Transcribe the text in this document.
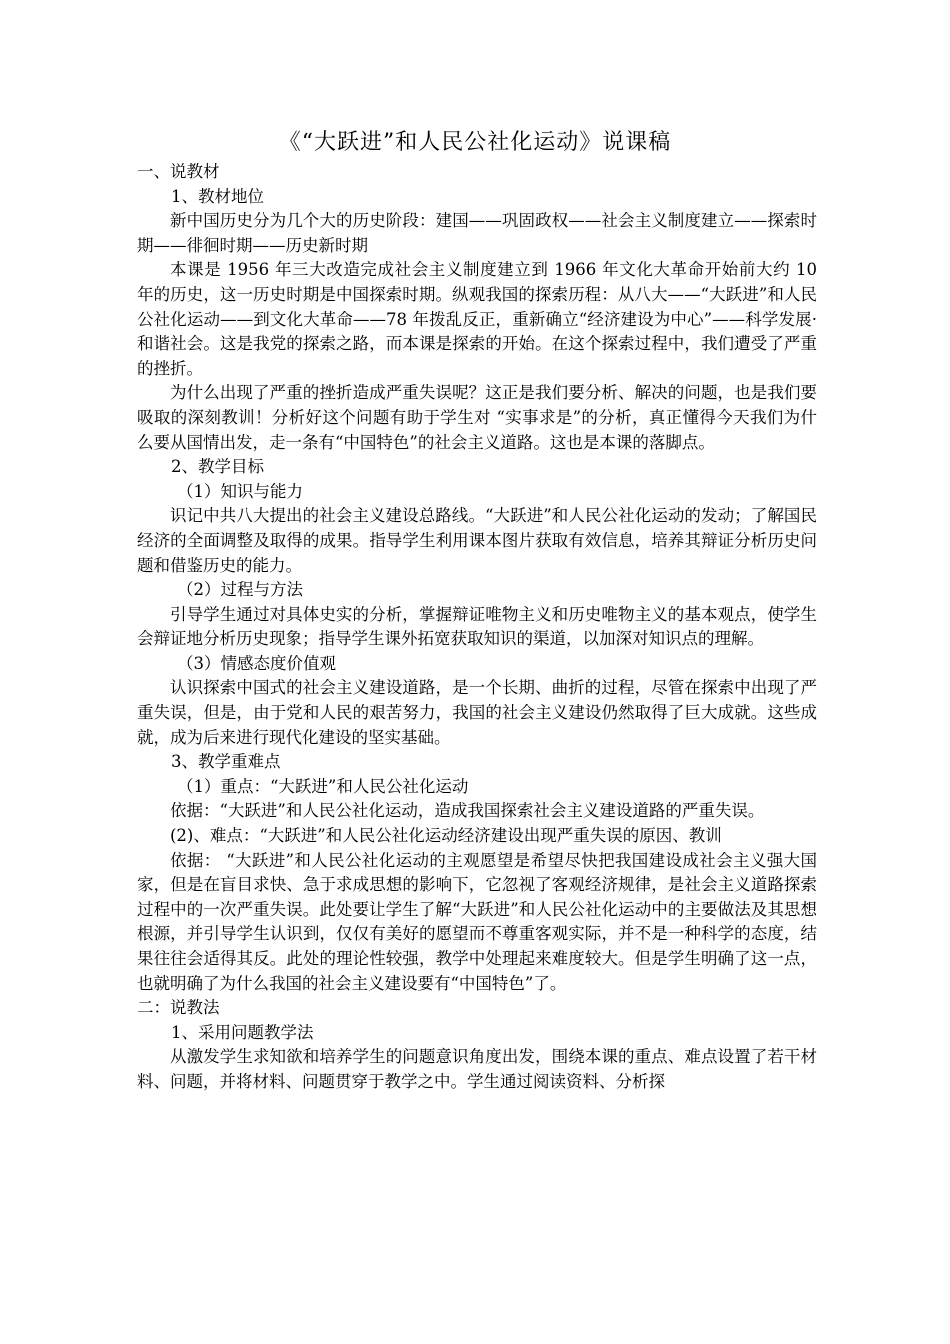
《“大跃进”和人民公社化运动》说课稿

一、说教材

1、教材地位

新中国历史分为几个大的历史阶段：建国——巩固政权——社会主义制度建立——探索时期——徘徊时期——历史新时期

本课是 1956 年三大改造完成社会主义制度建立到 1966 年文化大革命开始前大约 10 年的历史，这一历史时期是中国探索时期。纵观我国的探索历程：从八大——“大跃进”和人民公社化运动——到文化大革命——78 年拨乱反正，重新确立“经济建设为中心”——科学发展·和谐社会。这是我党的探索之路，而本课是探索的开始。在这个探索过程中，我们遭受了严重的挫折。

为什么出现了严重的挫折造成严重失误呢？这正是我们要分析、解决的问题，也是我们要吸取的深刻教训！分析好这个问题有助于学生对 “实事求是”的分析，真正懂得今天我们为什么要从国情出发，走一条有“中国特色”的社会主义道路。这也是本课的落脚点。

2、教学目标

（1）知识与能力

识记中共八大提出的社会主义建设总路线。“大跃进”和人民公社化运动的发动；了解国民经济的全面调整及取得的成果。指导学生利用课本图片获取有效信息，培养其辩证分析历史问题和借鉴历史的能力。

（2）过程与方法

引导学生通过对具体史实的分析，掌握辩证唯物主义和历史唯物主义的基本观点，使学生会辩证地分析历史现象；指导学生课外拓宽获取知识的渠道，以加深对知识点的理解。

（3）情感态度价值观

认识探索中国式的社会主义建设道路，是一个长期、曲折的过程，尽管在探索中出现了严重失误，但是，由于党和人民的艰苦努力，我国的社会主义建设仍然取得了巨大成就。这些成就，成为后来进行现代化建设的坚实基础。

3、教学重难点

（1）重点：“大跃进”和人民公社化运动

依据：“大跃进”和人民公社化运动，造成我国探索社会主义建设道路的严重失误。

(2)、难点：“大跃进”和人民公社化运动经济建设出现严重失误的原因、教训

依据： “大跃进”和人民公社化运动的主观愿望是希望尽快把我国建设成社会主义强大国家，但是在盲目求快、急于求成思想的影响下，它忽视了客观经济规律，是社会主义道路探索过程中的一次严重失误。此处要让学生了解“大跃进”和人民公社化运动中的主要做法及其思想根源，并引导学生认识到，仅仅有美好的愿望而不尊重客观实际，并不是一种科学的态度，结果往往会适得其反。此处的理论性较强，教学中处理起来难度较大。但是学生明确了这一点，也就明确了为什么我国的社会主义建设要有“中国特色”了。

二：说教法

1、采用问题教学法

从激发学生求知欲和培养学生的问题意识角度出发，围绕本课的重点、难点设置了若干材料、问题，并将材料、问题贯穿于教学之中。学生通过阅读资料、分析探
